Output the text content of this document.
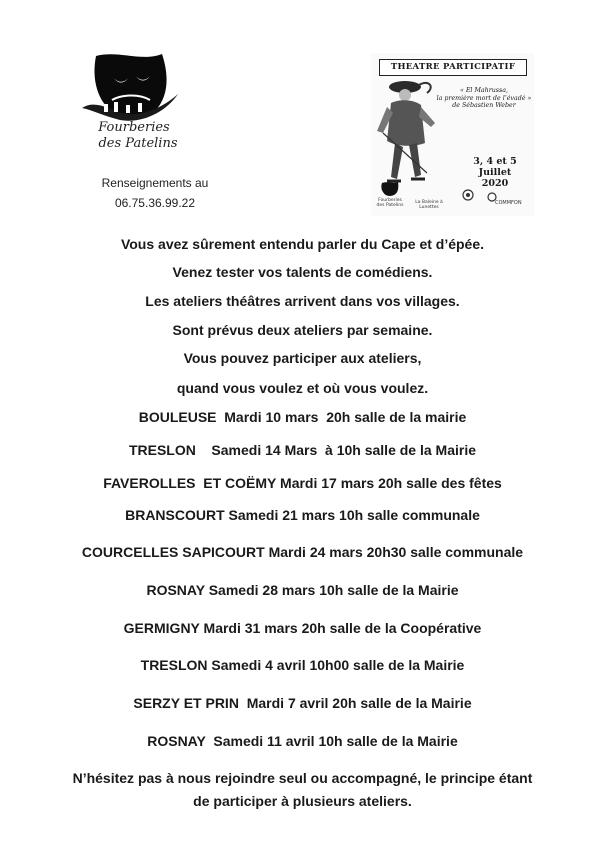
Fourberies
des Patelins
Renseignements au
06.75.36.99.22
THEATRE PARTICIPATIF
« El Mahrussa,
la première mort de l’évadé »
de Sébastien Weber
3, 4 et 5 Juillet
2020
Fourberies des Patelins
La Baleine à Lunettes
COMMFON
Vous avez sûrement entendu parler du Cape et d’épée.
Venez tester vos talents de comédiens.
Les ateliers théâtres arrivent dans vos villages.
Sont prévus deux ateliers par semaine.
Vous pouvez participer aux ateliers,
quand vous voulez et où vous voulez.
BOULEUSE  Mardi 10 mars  20h salle de la mairie
TRESLON    Samedi 14 Mars  à 10h salle de la Mairie
FAVEROLLES  ET COËMY Mardi 17 mars 20h salle des fêtes
BRANSCOURT Samedi 21 mars 10h salle communale
COURCELLES SAPICOURT Mardi 24 mars 20h30 salle communale
ROSNAY Samedi 28 mars 10h salle de la Mairie
GERMIGNY Mardi 31 mars 20h salle de la Coopérative
TRESLON Samedi 4 avril 10h00 salle de la Mairie
SERZY ET PRIN  Mardi 7 avril 20h salle de la Mairie
ROSNAY  Samedi 11 avril 10h salle de la Mairie
N’hésitez pas à nous rejoindre seul ou accompagné, le principe étant
de participer à plusieurs ateliers.
